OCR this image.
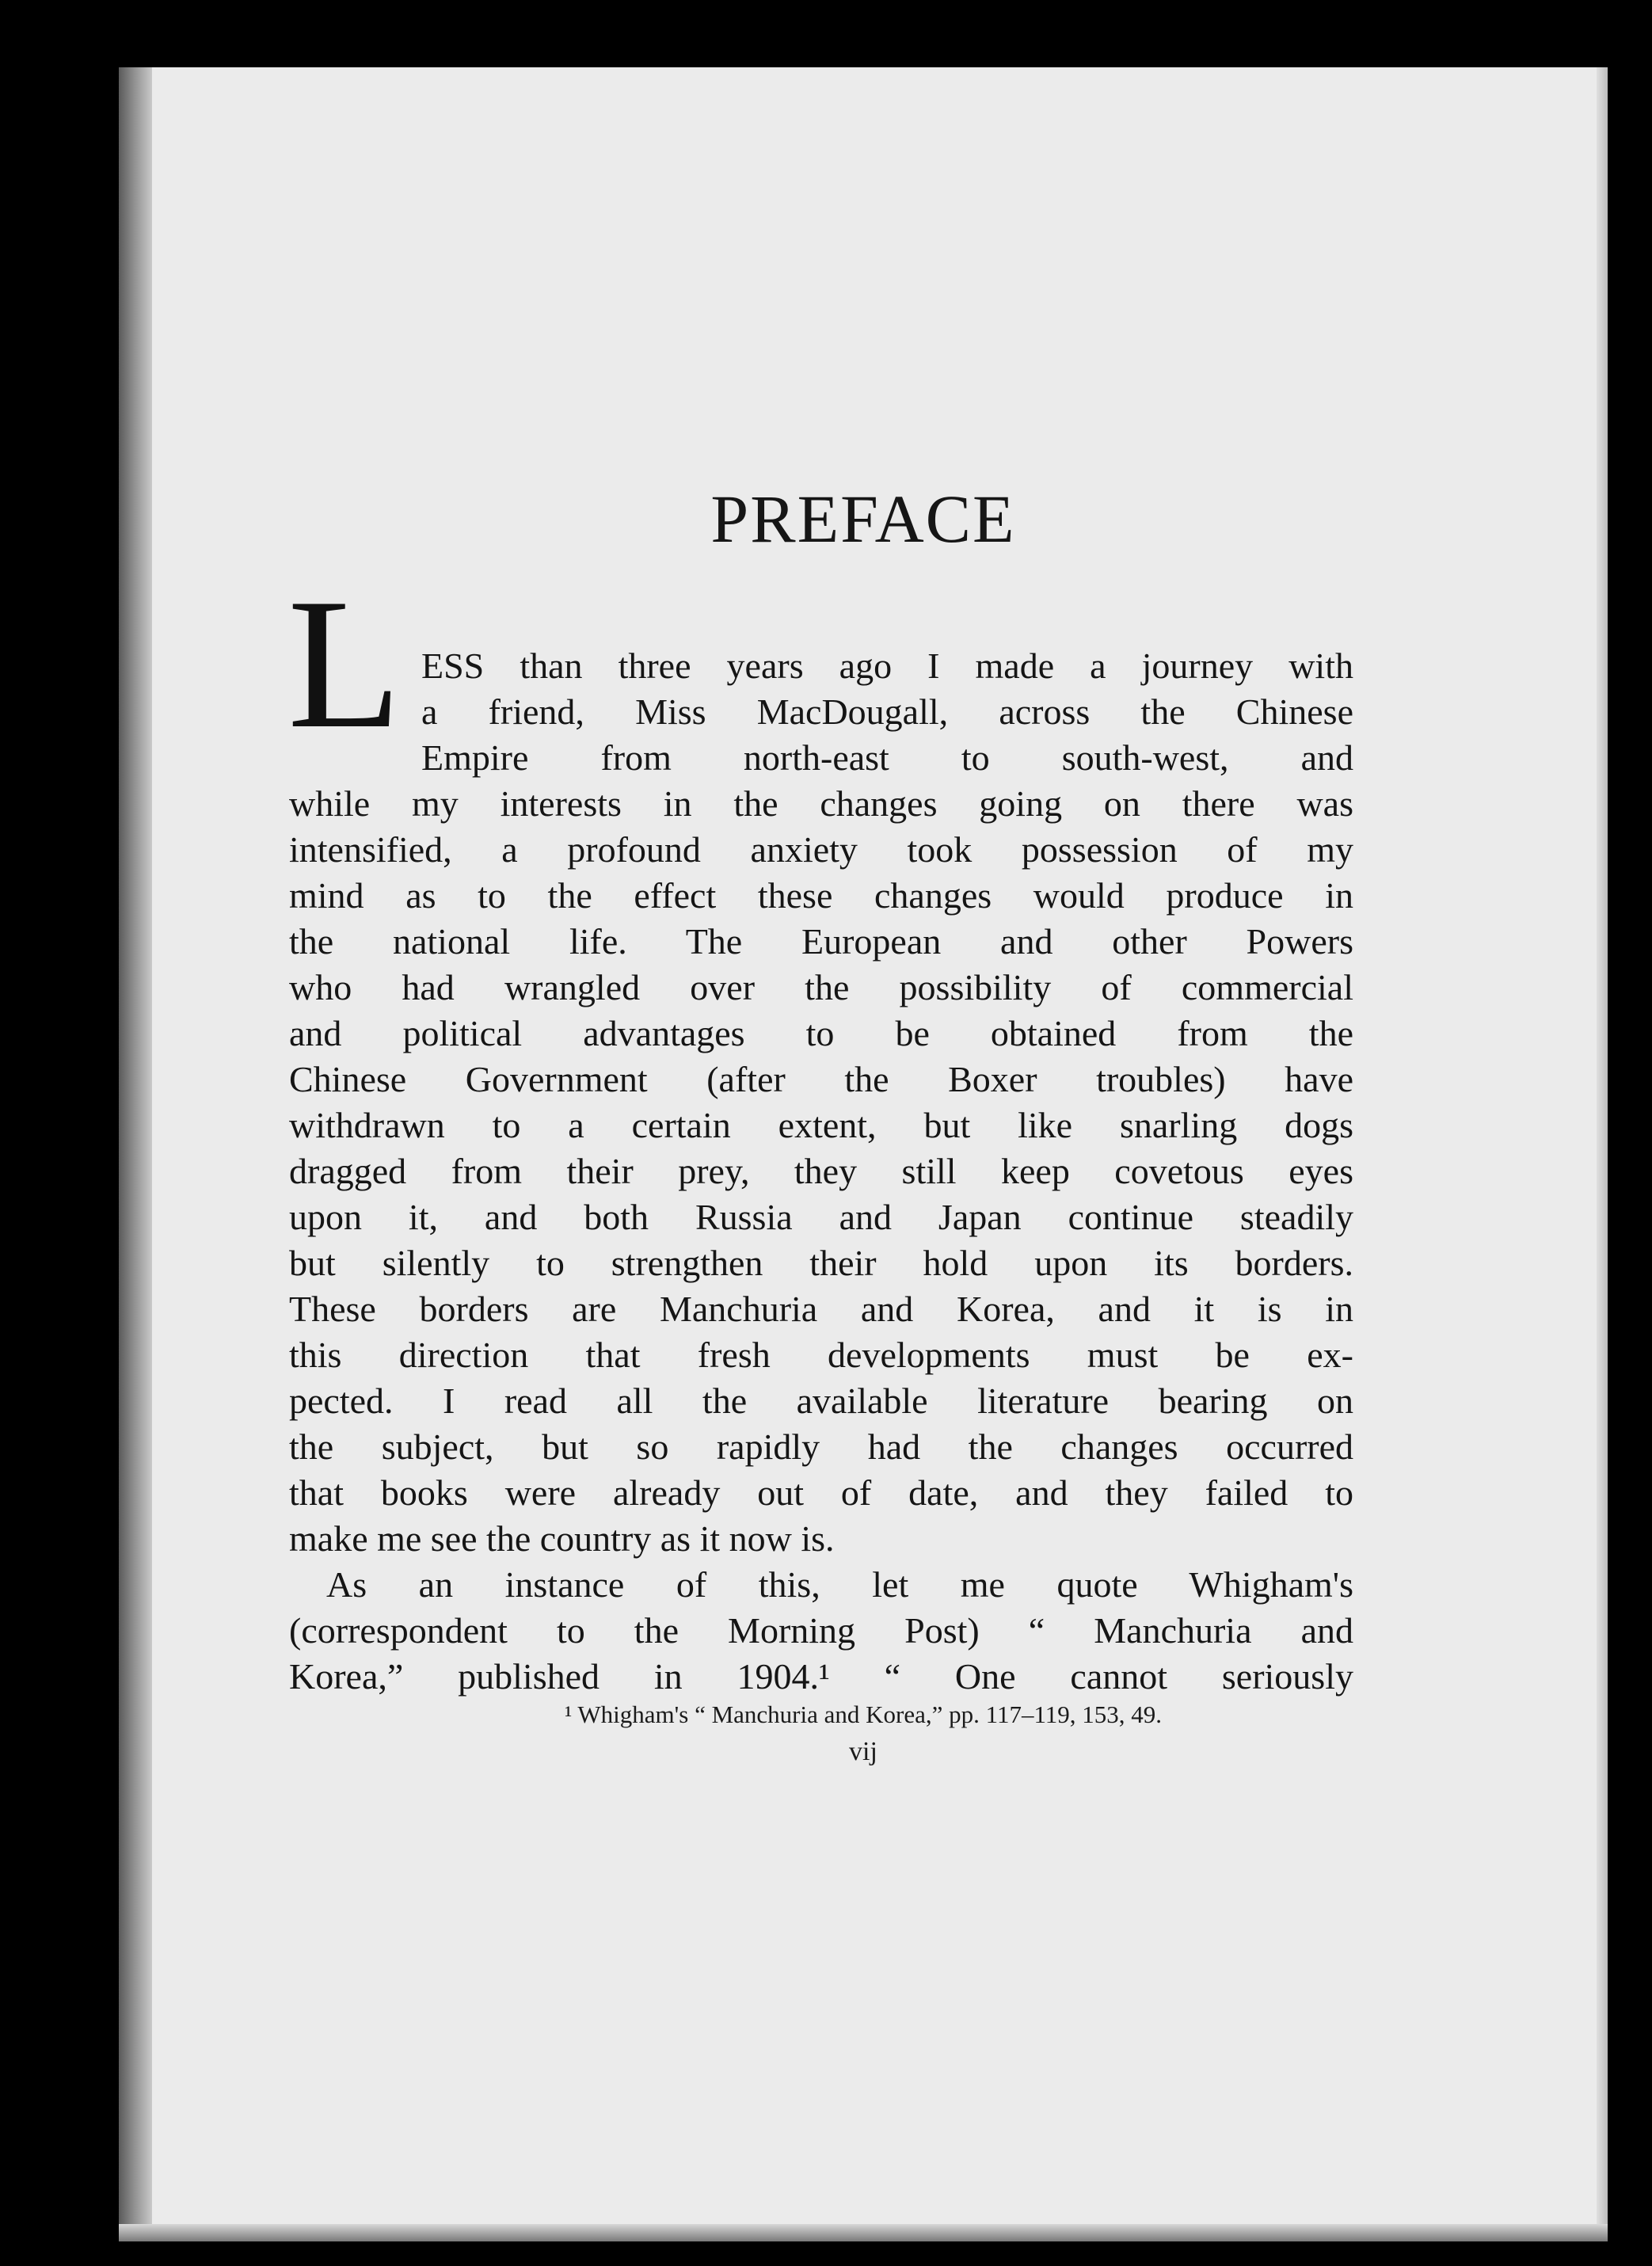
PREFACE
L ESS than three years ago I made a journey with
a friend, Miss MacDougall, across the Chinese
Empire from north-east to south-west, and
while my interests in the changes going on there was
intensified, a profound anxiety took possession of my
mind as to the effect these changes would produce in
the national life. The European and other Powers
who had wrangled over the possibility of commercial
and political advantages to be obtained from the
Chinese Government (after the Boxer troubles) have
withdrawn to a certain extent, but like snarling dogs
dragged from their prey, they still keep covetous eyes
upon it, and both Russia and Japan continue steadily
but silently to strengthen their hold upon its borders.
These borders are Manchuria and Korea, and it is in
this direction that fresh developments must be ex-
pected. I read all the available literature bearing on
the subject, but so rapidly had the changes occurred
that books were already out of date, and they failed to
make me see the country as it now is.
As an instance of this, let me quote Whigham's
(correspondent to the Morning Post) “ Manchuria and
Korea,” published in 1904.¹ “ One cannot seriously
¹ Whigham's “ Manchuria and Korea,” pp. 117–119, 153, 49.
vij
